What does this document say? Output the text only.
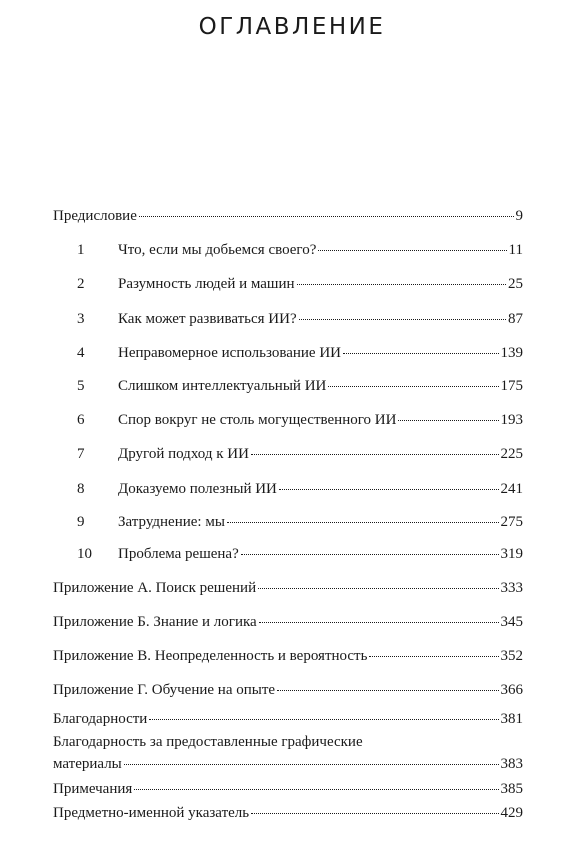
ОГЛАВЛЕНИЕ
Предисловие	9
1	Что, если мы добьемся своего?	11
2	Разумность людей и машин	25
3	Как может развиваться ИИ?	87
4	Неправомерное использование ИИ	139
5	Слишком интеллектуальный ИИ	175
6	Спор вокруг не столь могущественного ИИ	193
7	Другой подход к ИИ	225
8	Доказуемо полезный ИИ	241
9	Затруднение: мы	275
10	Проблема решена?	319
Приложение А. Поиск решений	333
Приложение Б. Знание и логика	345
Приложение В. Неопределенность и вероятность	352
Приложение Г. Обучение на опыте	366
Благодарности	381
Благодарность за предоставленные графические
материалы	383
Примечания	385
Предметно-именной указатель	429
